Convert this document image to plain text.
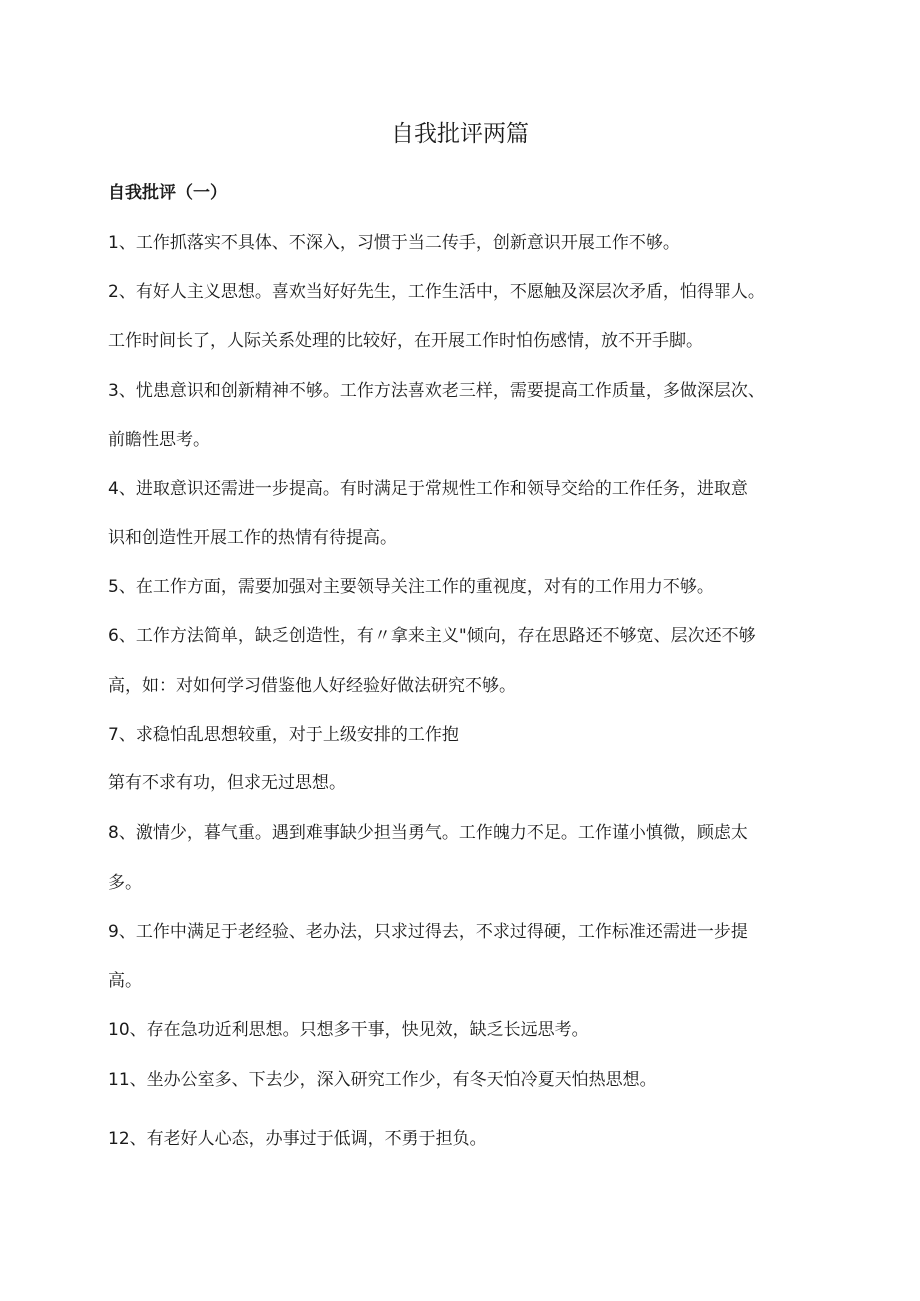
自我批评两篇
自我批评（一）

1、工作抓落实不具体、不深入，习惯于当二传手，创新意识开展工作不够。

2、有好人主义思想。喜欢当好好先生，工作生活中，不愿触及深层次矛盾，怕得罪人。

工作时间长了，人际关系处理的比较好，在开展工作时怕伤感情，放不开手脚。

3、忧患意识和创新精神不够。工作方法喜欢老三样，需要提高工作质量，多做深层次、

前瞻性思考。

4、进取意识还需进一步提高。有时满足于常规性工作和领导交给的工作任务，进取意

识和创造性开展工作的热情有待提高。

5、在工作方面，需要加强对主要领导关注工作的重视度，对有的工作用力不够。

6、工作方法简单，缺乏创造性，有〃拿来主义"倾向，存在思路还不够宽、层次还不够

高，如：对如何学习借鉴他人好经验好做法研究不够。

7、求稳怕乱思想较重，对于上级安排的工作抱

第有不求有功，但求无过思想。

8、激情少，暮气重。遇到难事缺少担当勇气。工作魄力不足。工作谨小慎微，顾虑太

多。

9、工作中满足于老经验、老办法，只求过得去，不求过得硬，工作标准还需进一步提

高。

10、存在急功近利思想。只想多干事，快见效，缺乏长远思考。

11、坐办公室多、下去少，深入研究工作少，有冬天怕冷夏天怕热思想。

12、有老好人心态，办事过于低调，不勇于担负。
